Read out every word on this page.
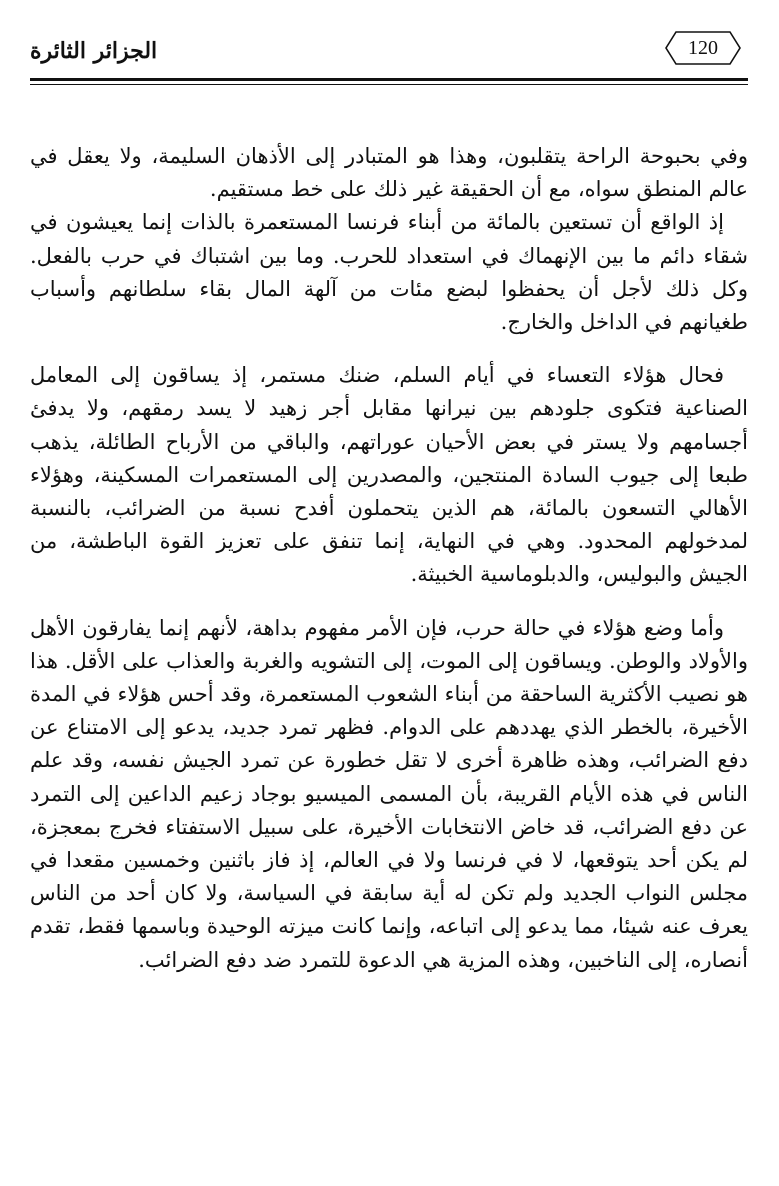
الجزائر الثائرة	120

وفي بحبوحة الراحة يتقلبون، وهذا هو المتبادر إلى الأذهان السليمة، ولا يعقل في عالم المنطق سواه، مع أن الحقيقة غير ذلك على خط مستقيم.

إذ الواقع أن تستعين بالمائة من أبناء فرنسا المستعمرة بالذات إنما يعيشون في شقاء دائم ما بين الإنهماك في استعداد للحرب. وما بين اشتباك في حرب بالفعل. وكل ذلك لأجل أن يحفظوا لبضع مئات من آلهة المال بقاء سلطانهم وأسباب طغيانهم في الداخل والخارج.

فحال هؤلاء التعساء في أيام السلم، ضنك مستمر، إذ يساقون إلى المعامل الصناعية فتكوى جلودهم بين نيرانها مقابل أجر زهيد لا يسد رمقهم، ولا يدفئ أجسامهم ولا يستر في بعض الأحيان عوراتهم، والباقي من الأرباح الطائلة، يذهب طبعا إلى جيوب السادة المنتجين، والمصدرين إلى المستعمرات المسكينة، وهؤلاء الأهالي التسعون بالمائة، هم الذين يتحملون أفدح نسبة من الضرائب، بالنسبة لمدخولهم المحدود. وهي في النهاية، إنما تنفق على تعزيز القوة الباطشة، من الجيش والبوليس، والدبلوماسية الخبيثة.

وأما وضع هؤلاء في حالة حرب، فإن الأمر مفهوم بداهة، لأنهم إنما يفارقون الأهل والأولاد والوطن. ويساقون إلى الموت، إلى التشويه والغربة والعذاب على الأقل. هذا هو نصيب الأكثرية الساحقة من أبناء الشعوب المستعمرة، وقد أحس هؤلاء في المدة الأخيرة، بالخطر الذي يهددهم على الدوام. فظهر تمرد جديد، يدعو إلى الامتناع عن دفع الضرائب، وهذه ظاهرة أخرى لا تقل خطورة عن تمرد الجيش نفسه، وقد علم الناس في هذه الأيام القريبة، بأن المسمى الميسيو بوجاد زعيم الداعين إلى التمرد عن دفع الضرائب، قد خاض الانتخابات الأخيرة، على سبيل الاستفتاء فخرج بمعجزة، لم يكن أحد يتوقعها، لا في فرنسا ولا في العالم، إذ فاز باثنين وخمسين مقعدا في مجلس النواب الجديد ولم تكن له أية سابقة في السياسة، ولا كان أحد من الناس يعرف عنه شيئا، مما يدعو إلى اتباعه، وإنما كانت ميزته الوحيدة وباسمها فقط، تقدم أنصاره، إلى الناخبين، وهذه المزية هي الدعوة للتمرد ضد دفع الضرائب.
